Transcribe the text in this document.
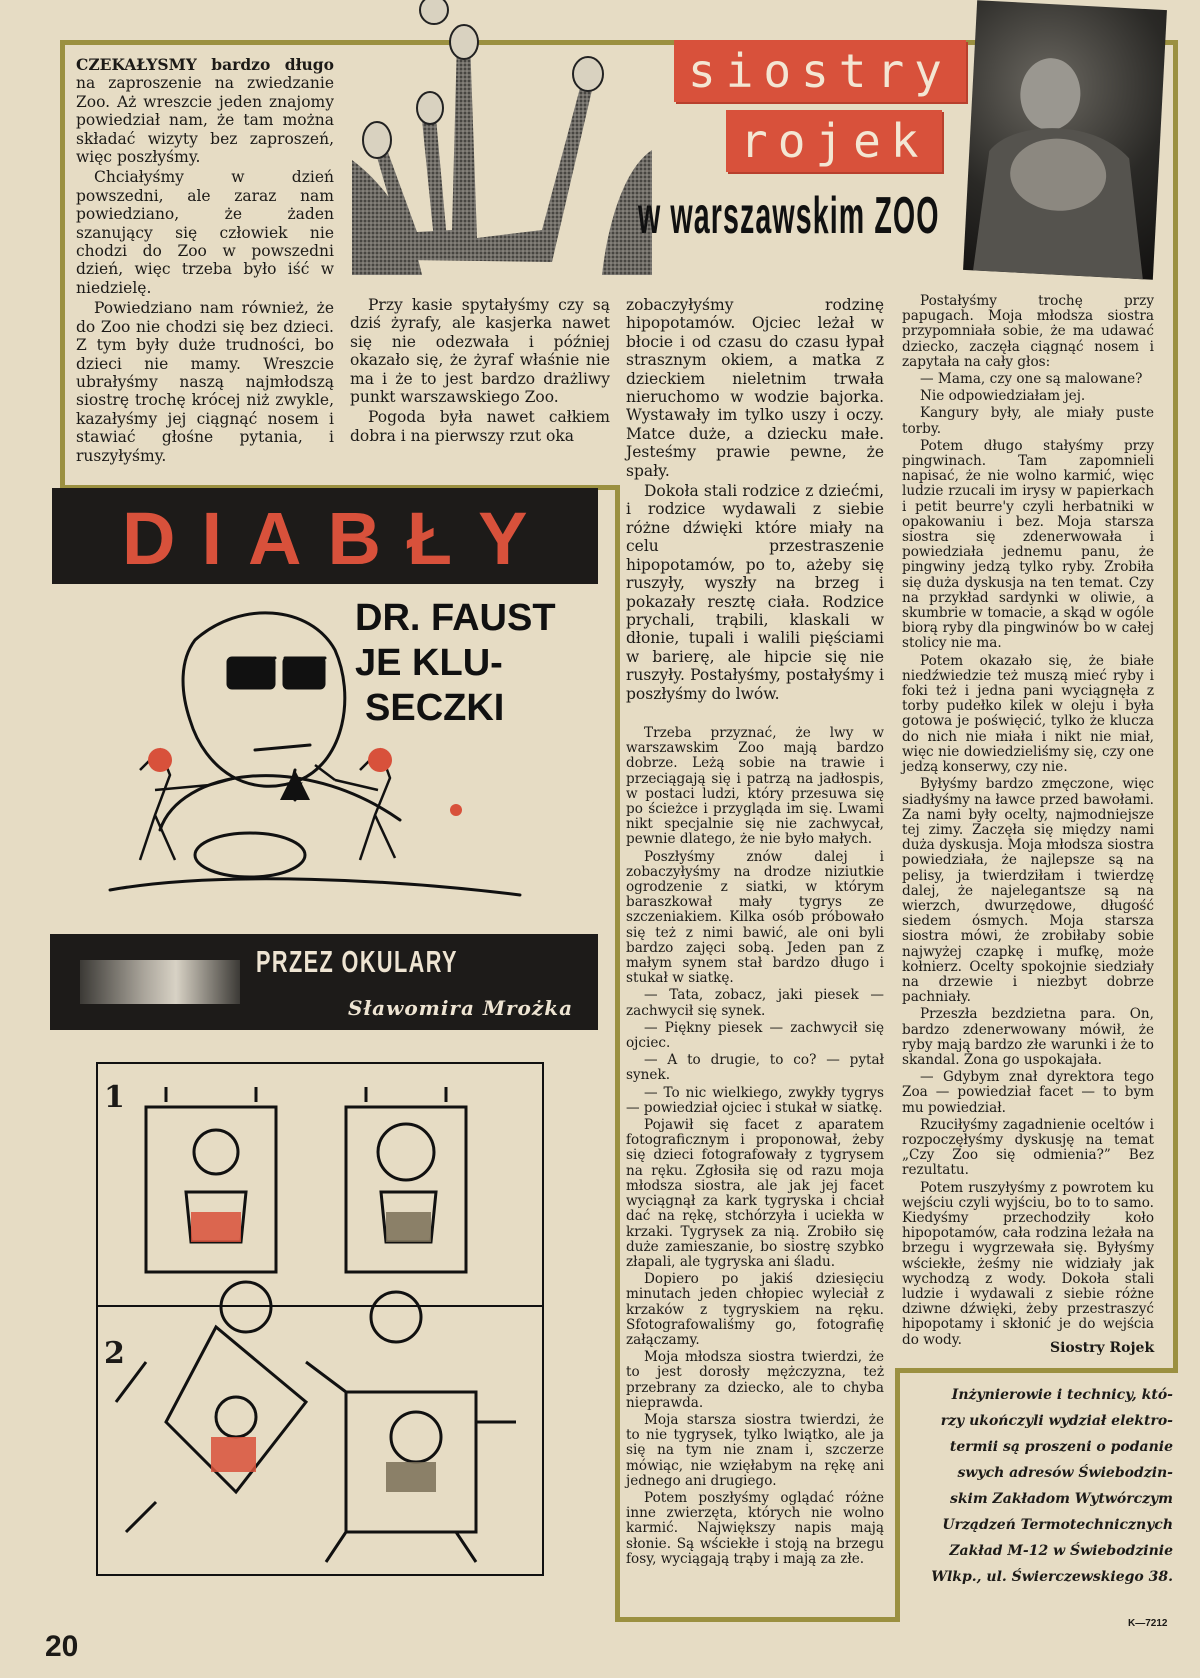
siostry
rojek
w warszawskim ZOO

CZEKAŁYSMY bardzo długo na zaproszenie na zwiedzanie Zoo. Aż wreszcie jeden znajomy powiedział nam, że tam można składać wizyty bez zaproszeń, więc poszłyśmy.

Chciałyśmy w dzień powszedni, ale zaraz nam powiedziano, że żaden szanujący się człowiek nie chodzi do Zoo w powszedni dzień, więc trzeba było iść w niedzielę.

Powiedziano nam również, że do Zoo nie chodzi się bez dzieci. Z tym były duże trudności, bo dzieci nie mamy. Wreszcie ubrałyśmy naszą najmłodszą siostrę trochę krócej niż zwykle, kazałyśmy jej ciągnąć nosem i stawiać głośne pytania, i ruszyłyśmy.

Przy kasie spytałyśmy czy są dziś żyrafy, ale kasjerka nawet się nie odezwała i później okazało się, że żyraf właśnie nie ma i że to jest bardzo drażliwy punkt warszawskiego Zoo.

Pogoda była nawet całkiem dobra i na pierwszy rzut oka

zobaczyłyśmy rodzinę hipopotamów. Ojciec leżał w błocie i od czasu do czasu łypał strasznym okiem, a matka z dzieckiem nieletnim trwała nieruchomo w wodzie bajorka. Wystawały im tylko uszy i oczy. Matce duże, a dziecku małe. Jesteśmy prawie pewne, że spały.

Dokoła stali rodzice z dziećmi, i rodzice wydawali z siebie różne dźwięki które miały na celu przestraszenie hipopotamów, po to, ażeby się ruszyły, wyszły na brzeg i pokazały resztę ciała. Rodzice prychali, trąbili, klaskali w dłonie, tupali i walili pięściami w barierę, ale hipcie się nie ruszyły. Postałyśmy, postałyśmy i poszłyśmy do lwów.

Trzeba przyznać, że lwy w warszawskim Zoo mają bardzo dobrze. Leżą sobie na trawie i przeciągają się i patrzą na jadłospis, w postaci ludzi, który przesuwa się po ścieżce i przygląda im się. Lwami nikt specjalnie się nie zachwycał, pewnie dlatego, że nie było małych.

Poszłyśmy znów dalej i zobaczyłyśmy na drodze niziutkie ogrodzenie z siatki, w którym baraszkował mały tygrys ze szczeniakiem. Kilka osób próbowało się też z nimi bawić, ale oni byli bardzo zajęci sobą. Jeden pan z małym synem stał bardzo długo i stukał w siatkę.

— Tata, zobacz, jaki piesek — zachwycił się synek.

— Piękny piesek — zachwycił się ojciec.

— A to drugie, to co? — pytał synek.

— To nic wielkiego, zwykły tygrys — powiedział ojciec i stukał w siatkę.

Pojawił się facet z aparatem fotograficznym i proponował, żeby się dzieci fotografowały z tygrysem na ręku. Zgłosiła się od razu moja młodsza siostra, ale jak jej facet wyciągnął za kark tygryska i chciał dać na rękę, stchórzyła i uciekła w krzaki. Tygrysek za nią. Zrobiło się duże zamieszanie, bo siostrę szybko złapali, ale tygryska ani śladu.

Dopiero po jakiś dziesięciu minutach jeden chłopiec wyleciał z krzaków z tygryskiem na ręku. Sfotografowaliśmy go, fotografię załączamy.

Moja młodsza siostra twierdzi, że to jest dorosły mężczyzna, też przebrany za dziecko, ale to chyba nieprawda.

Moja starsza siostra twierdzi, że to nie tygrysek, tylko lwiątko, ale ja się na tym nie znam i, szczerze mówiąc, nie wzięłabym na rękę ani jednego ani drugiego.

Potem poszłyśmy oglądać różne inne zwierzęta, których nie wolno karmić. Największy napis mają słonie. Są wściekłe i stoją na brzegu fosy, wyciągają trąby i mają za złe.

Postałyśmy trochę przy papugach. Moja młodsza siostra przypomniała sobie, że ma udawać dziecko, zaczęła ciągnąć nosem i zapytała na cały głos:

— Mama, czy one są malowane?

Nie odpowiedziałam jej.

Kangury były, ale miały puste torby.

Potem długo stałyśmy przy pingwinach. Tam zapomnieli napisać, że nie wolno karmić, więc ludzie rzucali im irysy w papierkach i petit beurre'y czyli herbatniki w opakowaniu i bez. Moja starsza siostra się zdenerwowała i powiedziała jednemu panu, że pingwiny jedzą tylko ryby. Zrobiła się duża dyskusja na ten temat. Czy na przykład sardynki w oliwie, a skumbrie w tomacie, a skąd w ogóle biorą ryby dla pingwinów bo w całej stolicy nie ma.

Potem okazało się, że białe niedźwiedzie też muszą mieć ryby i foki też i jedna pani wyciągnęła z torby pudełko kilek w oleju i była gotowa je poświęcić, tylko że klucza do nich nie miała i nikt nie miał, więc nie dowiedzieliśmy się, czy one jedzą konserwy, czy nie.

Byłyśmy bardzo zmęczone, więc siadłyśmy na ławce przed bawołami. Za nami były ocelty, najmodniejsze tej zimy. Zaczęła się między nami duża dyskusja. Moja młodsza siostra powiedziała, że najlepsze są na pelisy, ja twierdziłam i twierdzę dalej, że najelegantsze są na wierzch, dwurzędowe, długość siedem ósmych. Moja starsza siostra mówi, że zrobiłaby sobie najwyżej czapkę i mufkę, może kołnierz. Ocelty spokojnie siedziały na drzewie i niezbyt dobrze pachniały.

Przeszła bezdzietna para. On, bardzo zdenerwowany mówił, że ryby mają bardzo złe warunki i że to skandal. Żona go uspokajała.

— Gdybym znał dyrektora tego Zoa — powiedział facet — to bym mu powiedział.

Rzuciłyśmy zagadnienie oceltów i rozpoczęłyśmy dyskusję na temat „Czy Zoo się odmienia?” Bez rezultatu.

Potem ruszyłyśmy z powrotem ku wejściu czyli wyjściu, bo to to samo. Kiedyśmy przechodziły koło hipopotamów, cała rodzina leżała na brzegu i wygrzewała się. Byłyśmy wściekłe, żeśmy nie widziały jak wychodzą z wody. Dokoła stali ludzie i wydawali z siebie różne dziwne dźwięki, żeby przestraszyć hipopotamy i skłonić je do wejścia do wody.

Siostry Rojek
DIABŁY
DR. FAUST
JE KLU-
SECZKI
PRZEZ OKULARY
Sławomira Mrożka
1
2
Inżynierowie i technicy, któ-
rzy ukończyli wydział elektro-
termii są proszeni o podanie
swych adresów Świebodzin-
skim Zakładom Wytwórczym
Urządzeń Termotechnicznych
Zakład M-12 w Świebodzinie
Wlkp., ul. Świerczewskiego 38.
K—7212
20
